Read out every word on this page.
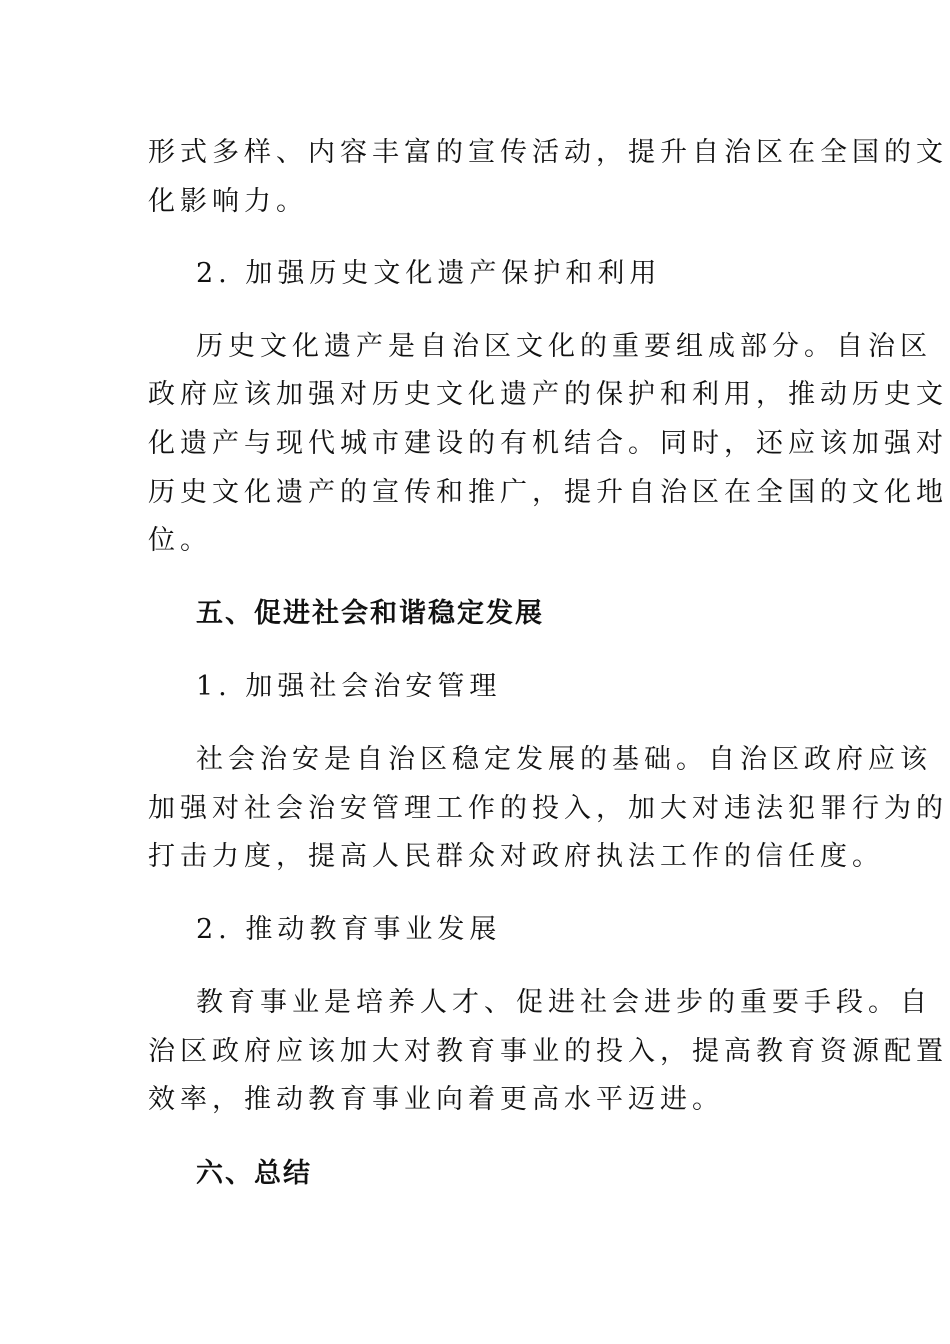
形式多样、内容丰富的宣传活动，提升自治区在全国的文
化影响力。
2. 加强历史文化遗产保护和利用
历史文化遗产是自治区文化的重要组成部分。自治区
政府应该加强对历史文化遗产的保护和利用，推动历史文
化遗产与现代城市建设的有机结合。同时，还应该加强对
历史文化遗产的宣传和推广，提升自治区在全国的文化地
位。
五、促进社会和谐稳定发展
1. 加强社会治安管理
社会治安是自治区稳定发展的基础。自治区政府应该
加强对社会治安管理工作的投入，加大对违法犯罪行为的
打击力度，提高人民群众对政府执法工作的信任度。
2. 推动教育事业发展
教育事业是培养人才、促进社会进步的重要手段。自
治区政府应该加大对教育事业的投入，提高教育资源配置
效率，推动教育事业向着更高水平迈进。
六、总结
